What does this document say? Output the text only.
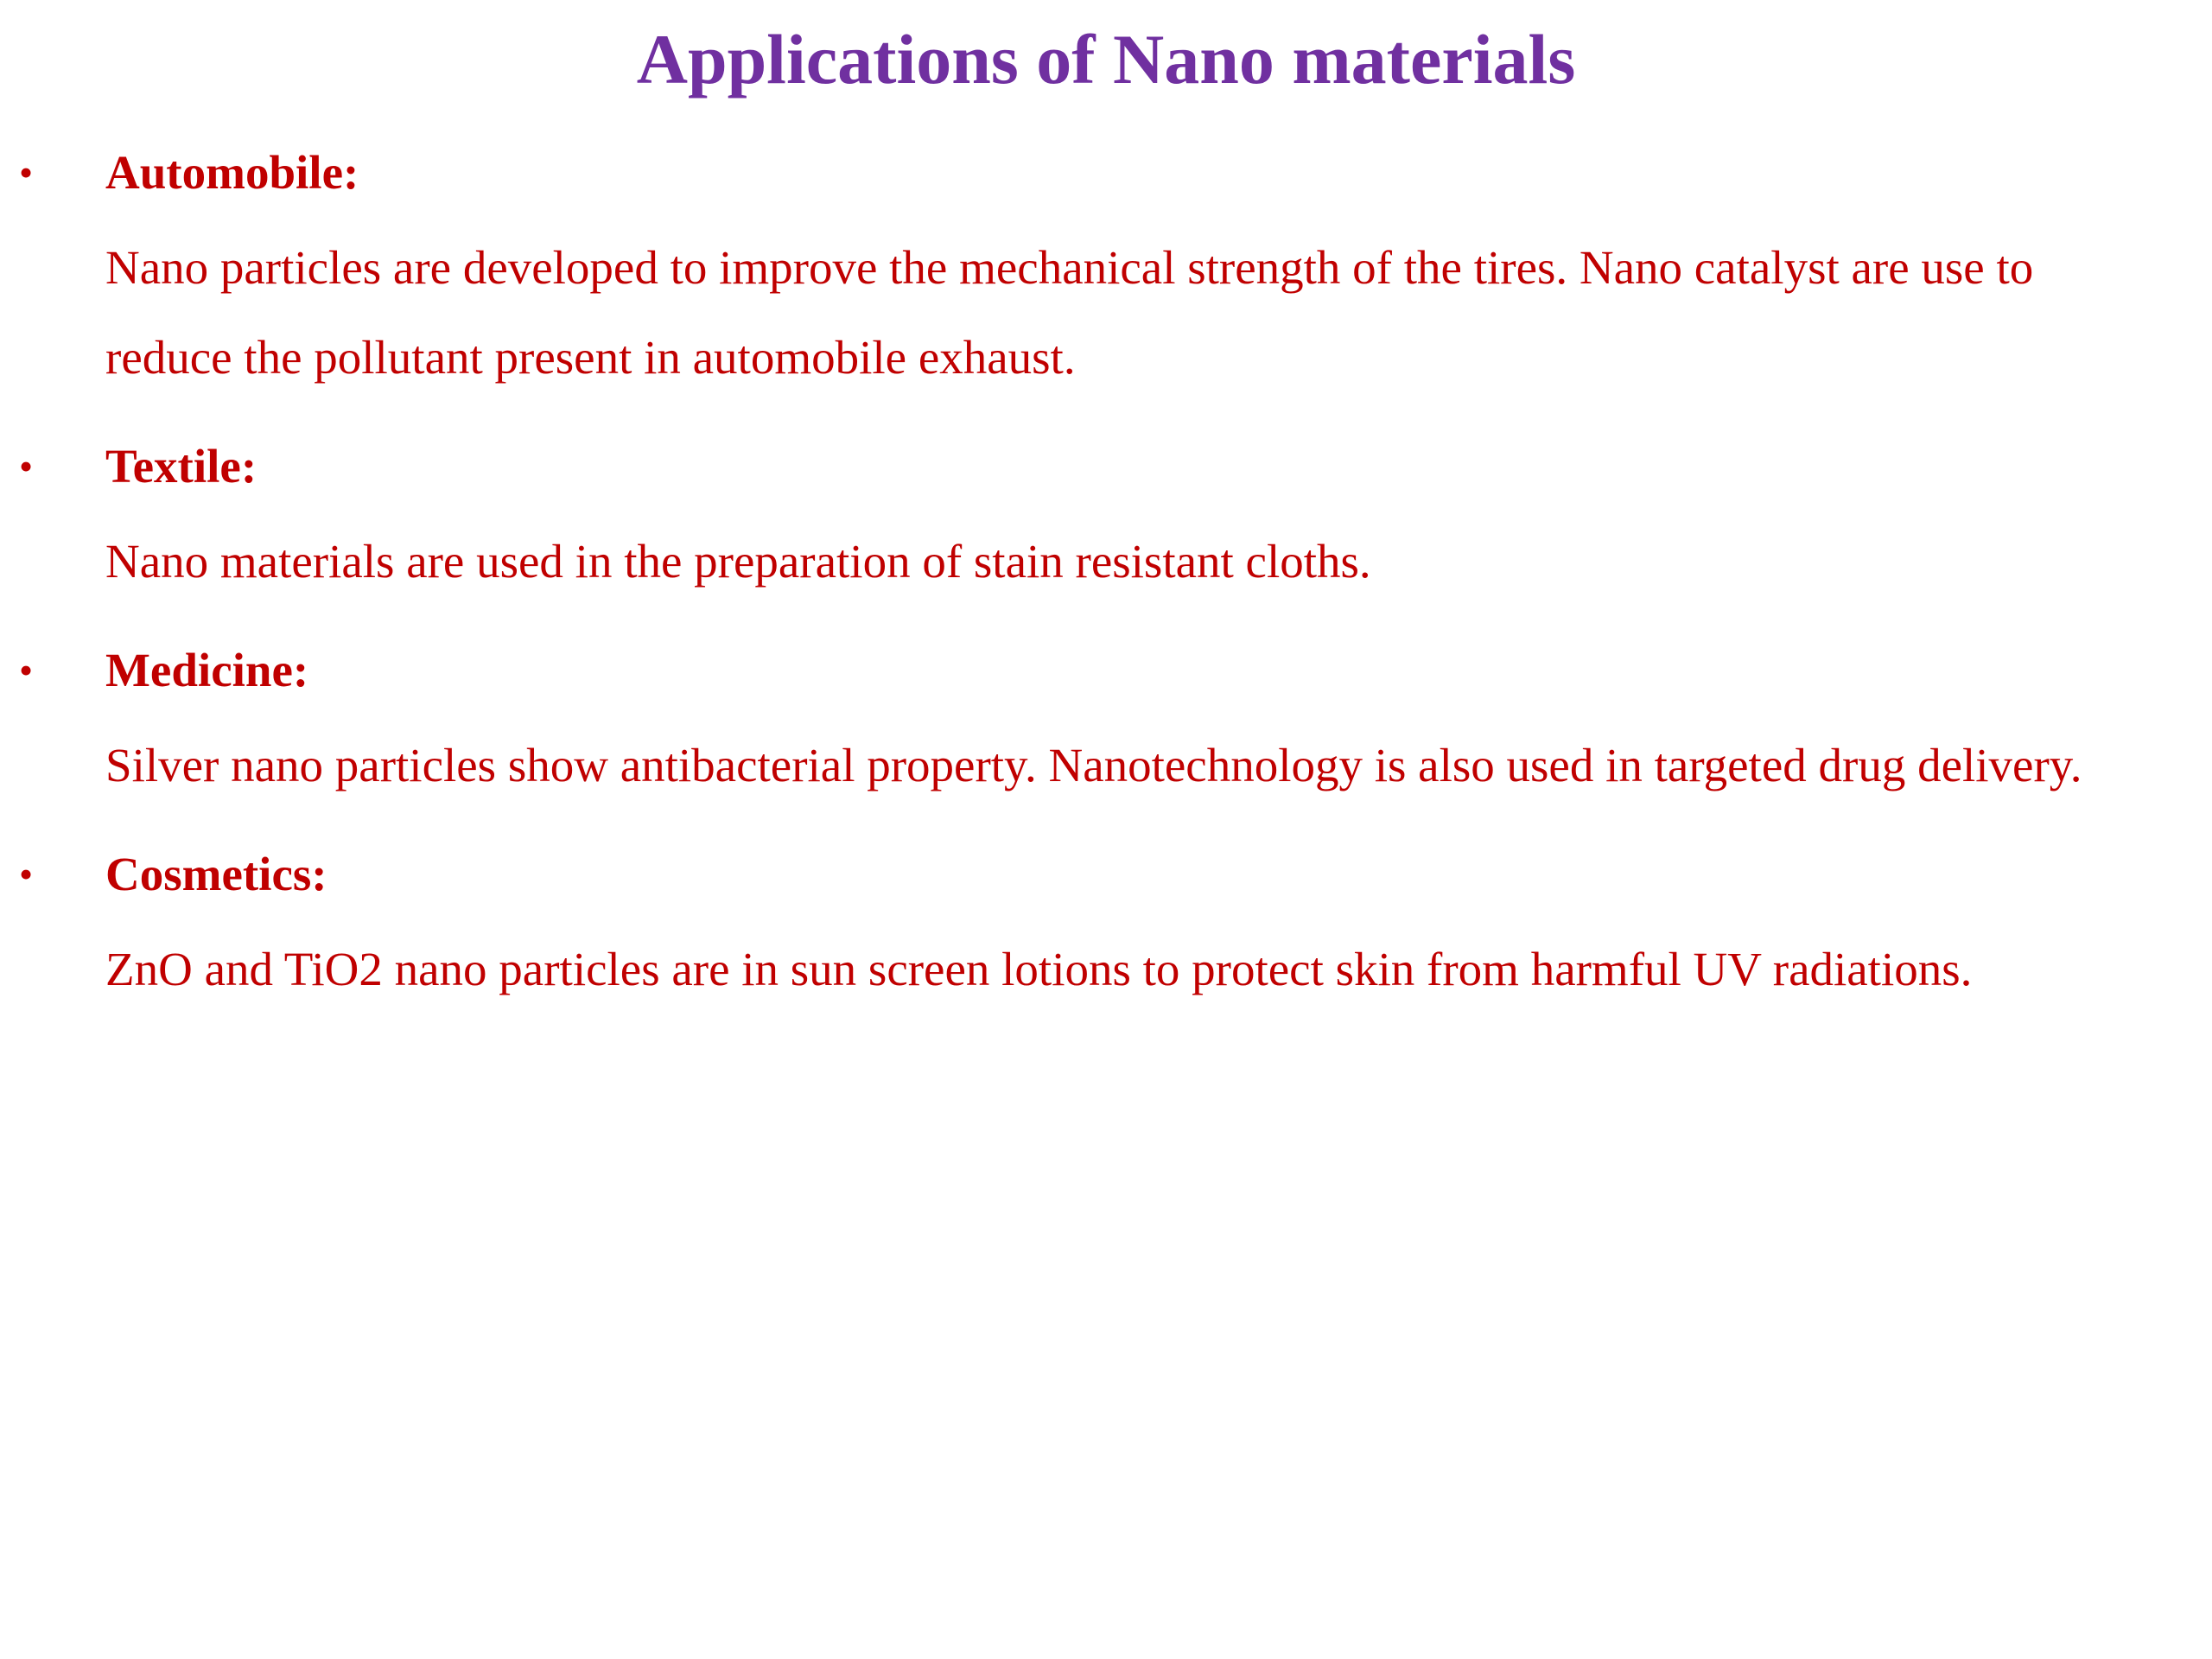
Applications of Nano materials
• Automobile:
Nano particles are developed to improve the mechanical strength of the tires. Nano catalyst are use to
reduce the pollutant present in automobile exhaust.
• Textile:
Nano materials are used in the preparation of stain resistant cloths.
• Medicine:
Silver nano particles show antibacterial property. Nanotechnology is also used in targeted drug delivery.
• Cosmetics:
ZnO and TiO2 nano particles are in sun screen lotions to protect skin from harmful UV radiations.
